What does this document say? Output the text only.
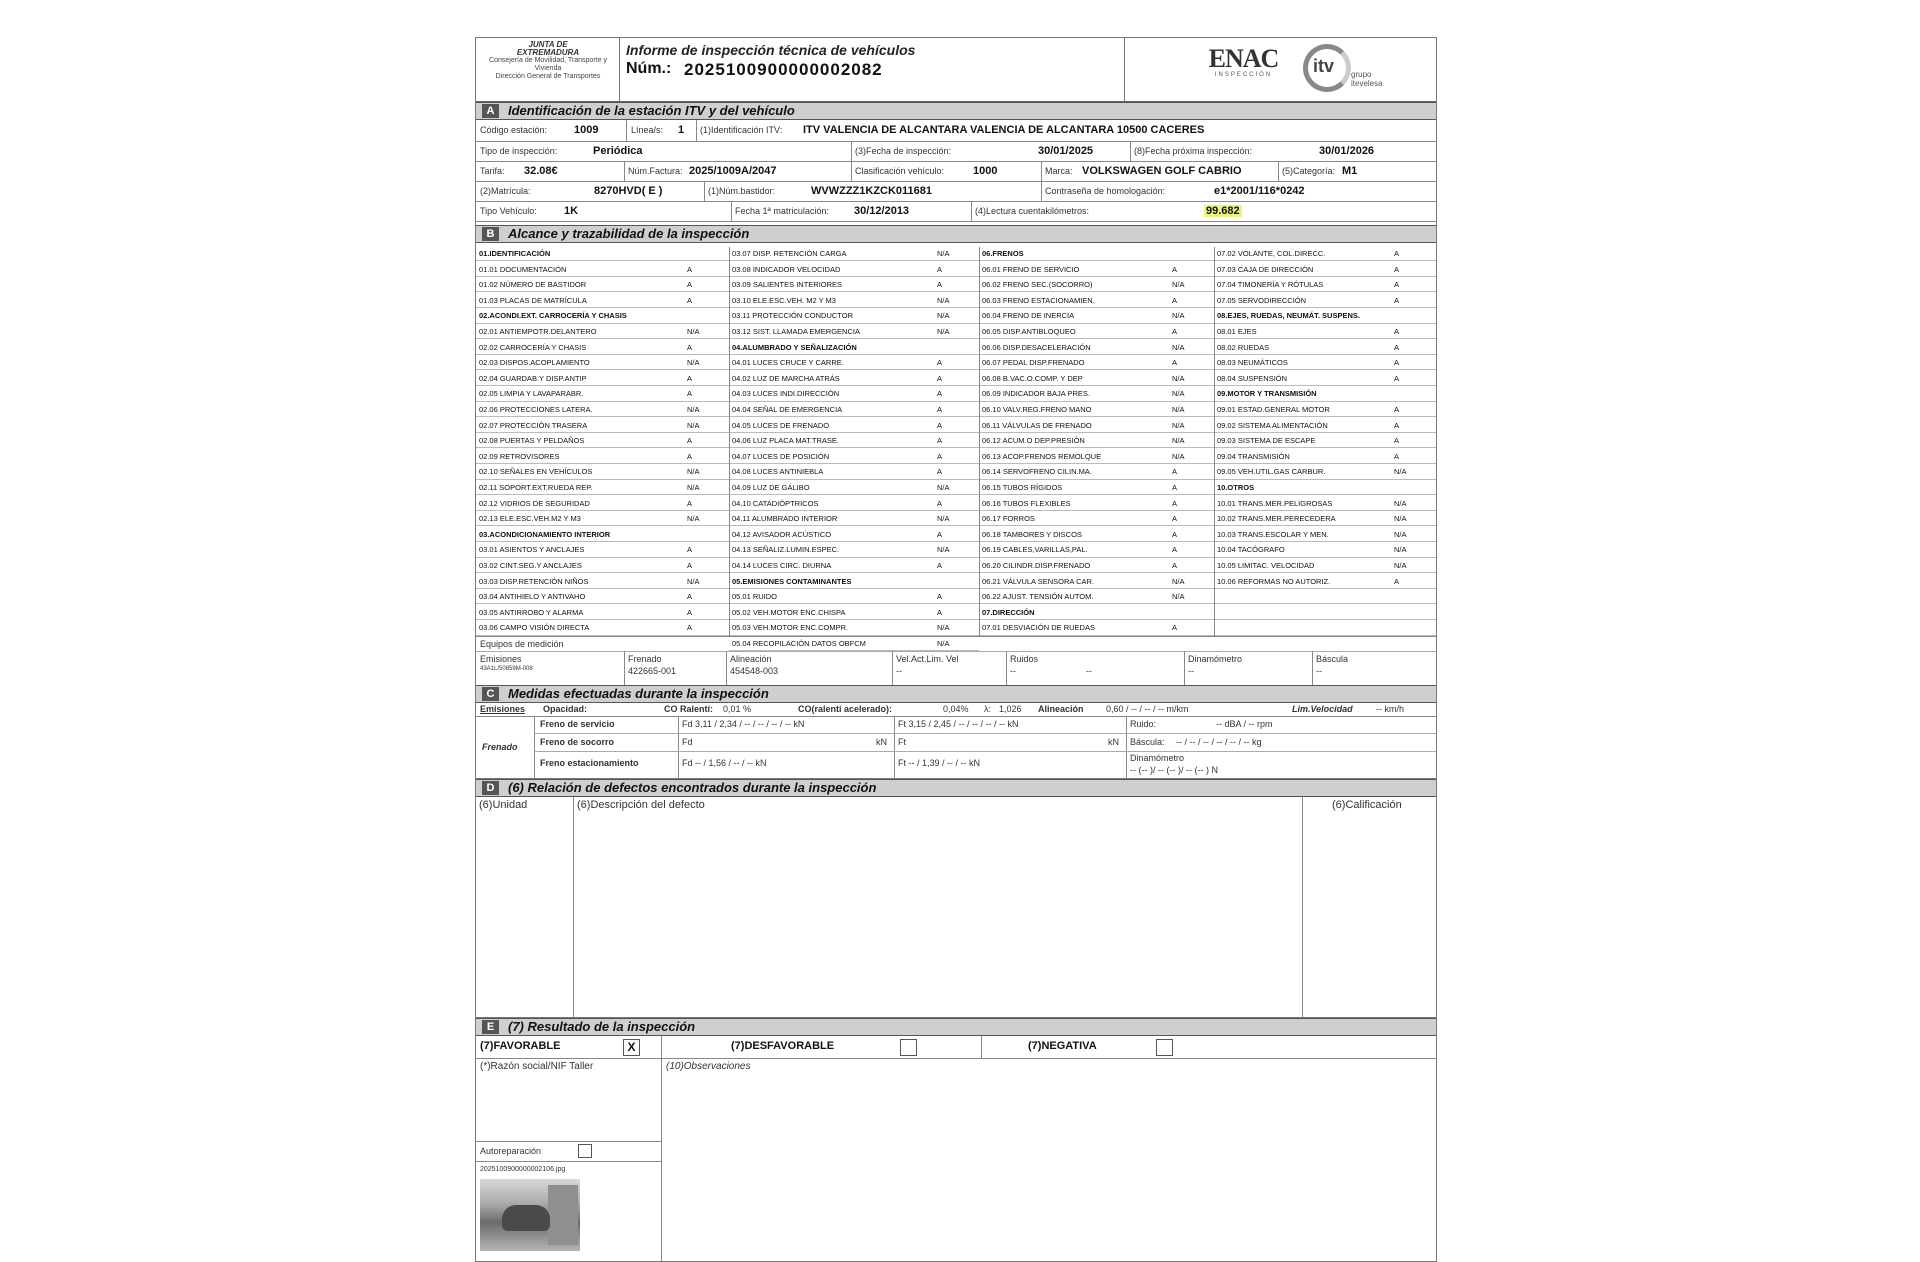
JUNTA DE
EXTREMADURA
Consejería de Movilidad, Transporte y Vivienda
Dirección General de Transportes
Informe de inspección técnica de vehículos
Núm.: 2025100900000002082	ENAC
INSPECCIÓN	itv grupo itevelesa
A	Identificación de la estación ITV y del vehículo
Código estación: 1009	Línea/s: 1 (1)Identificación ITV: ITV VALENCIA DE ALCANTARA VALENCIA DE ALCANTARA 10500 CACERES
Tipo de inspección:	Periódica	(3)Fecha de inspección:	30/01/2025	(8)Fecha próxima inspección:	30/01/2026
Tarifa: 32.08€	Núm.Factura: 2025/1009A/2047	Clasificación vehículo:	1000	Marca: VOLKSWAGEN GOLF CABRIO	(5)Categoría: M1
(2)Matrícula:	8270HVD( E )	(1)Núm.bastidor:	WVWZZZ1KZCK011681	Contraseña de homologación:	e1*2001/116*0242
Tipo Vehículo: 1K	Fecha 1ª matriculación: 30/12/2013	(4)Lectura cuentakilómetros:	99.682
B	Alcance y trazabilidad de la inspección
01.IDENTIFICACIÓN
01.01 DOCUMENTACIÓN	A
01.02 NÚMERO DE BASTIDOR	A
01.03 PLACAS DE MATRÍCULA	A
02.ACONDI.EXT. CARROCERÍA Y CHASIS
02.01 ANTIEMPOTR.DELANTERO	N/A
02.02 CARROCERÍA Y CHASIS	A
02.03 DISPOS.ACOPLAMIENTO	N/A
02.04 GUARDAB.Y DISP.ANTIP	A
02.05 LIMPIA Y LAVAPARABR.	A
02.06 PROTECCIONES LATERA.	N/A
02.07 PROTECCIÓN TRASERA	N/A
02.08 PUERTAS Y PELDAÑOS	A
02.09 RETROVISORES	A
02.10 SEÑALES EN VEHÍCULOS	N/A
02.11 SOPORT.EXT.RUEDA REP.	N/A
02.12 VIDRIOS DE SEGURIDAD	A
02.13 ELE.ESC.VEH.M2 Y M3	N/A
03.ACONDICIONAMIENTO INTERIOR
03.01 ASIENTOS Y ANCLAJES	A
03.02 CINT.SEG.Y ANCLAJES	A
03.03 DISP.RETENCIÓN NIÑOS	N/A
03.04 ANTIHIELO Y ANTIVAHO	A
03.05 ANTIRROBO Y ALARMA	A
03.06 CAMPO VISIÓN DIRECTA	A
03.07 DISP. RETENCIÓN CARGA	N/A
03.08 INDICADOR VELOCIDAD	A
03.09 SALIENTES INTERIORES	A
03.10 ELE.ESC.VEH. M2 Y M3	N/A
03.11 PROTECCIÓN CONDUCTOR	N/A
03.12 SIST. LLAMADA EMERGENCIA	N/A
04.ALUMBRADO Y SEÑALIZACIÓN
04.01 LUCES CRUCE Y CARRE.	A
04.02 LUZ DE MARCHA ATRÁS	A
04.03 LUCES INDI.DIRECCIÓN	A
04.04 SEÑAL DE EMERGENCIA	A
04.05 LUCES DE FRENADO	A
04.06 LUZ PLACA MAT.TRASE.	A
04.07 LUCES DE POSICIÓN	A
04.08 LUCES ANTINIEBLA	A
04.09 LUZ DE GÁLIBO	N/A
04.10 CATADIÓPTRICOS	A
04.11 ALUMBRADO INTERIOR	N/A
04.12 AVISADOR ACÚSTICO	A
04.13 SEÑALIZ.LUMIN.ESPEC.	N/A
04.14 LUCES CIRC. DIURNA	A
05.EMISIONES CONTAMINANTES
05.01 RUIDO	A
05.02 VEH.MOTOR ENC.CHISPA	A
05.03 VEH.MOTOR ENC.COMPR.	N/A
05.04 RECOPILACIÓN DATOS OBFCM	N/A
06.FRENOS
06.01 FRENO DE SERVICIO	A
06.02 FRENO SEC.(SOCORRO)	N/A
06.03 FRENO ESTACIONAMIEN.	A
06.04 FRENO DE INERCIA	N/A
06.05 DISP.ANTIBLOQUEO	A
06.06 DISP.DESACELERACIÓN	N/A
06.07 PEDAL DISP.FRENADO	A
06.08 B.VAC.O.COMP. Y DEP	N/A
06.09 INDICADOR BAJA PRES.	N/A
06.10 VALV.REG.FRENO MANO	N/A
06.11 VÁLVULAS DE FRENADO	N/A
06.12 ACUM.O DEP.PRESIÓN	N/A
06.13 ACOP.FRENOS REMOLQUE	N/A
06.14 SERVOFRENO CILIN.MA.	A
06.15 TUBOS RÍGIDOS	A
06.16 TUBOS FLEXIBLES	A
06.17 FORROS	A
06.18 TAMBORES Y DISCOS	A
06.19 CABLES,VARILLAS,PAL.	A
06.20 CILINDR.DISP.FRENADO	A
06.21 VÁLVULA SENSORA CAR.	N/A
06.22 AJUST. TENSIÓN AUTOM.	N/A
07.DIRECCIÓN
07.01 DESVIACIÓN DE RUEDAS	A
07.02 VOLANTE, COL.DIRECC.	A
07.03 CAJA DE DIRECCIÓN	A
07.04 TIMONERÍA Y RÓTULAS	A
07.05 SERVODIRECCIÓN	A
08.EJES, RUEDAS, NEUMÁT. SUSPENS.
08.01 EJES	A
08.02 RUEDAS	A
08.03 NEUMÁTICOS	A
08.04 SUSPENSIÓN	A
09.MOTOR Y TRANSMISIÓN
09.01 ESTAD.GENERAL MOTOR	A
09.02 SISTEMA ALIMENTACIÓN	A
09.03 SISTEMA DE ESCAPE	A
09.04 TRANSMISIÓN	A
09.05 VEH.UTIL.GAS CARBUR.	N/A
10.OTROS
10.01 TRANS.MER.PELIGROSAS	N/A
10.02 TRANS.MER.PERECEDERA	N/A
10.03 TRANS.ESCOLAR Y MEN.	N/A
10.04 TACÓGRAFO	N/A
10.05 LIMITAC. VELOCIDAD	N/A
10.06 REFORMAS NO AUTORIZ.	A
Equipos de medición
Emisiones
43A1L/50859M-008
Frenado
422665-001
Alineación
454548-003
Vel.Act.Lim. Vel
--
Ruidos
--	--
Dinamómetro
--
Báscula
--
C	Medidas efectuadas durante la inspección
Emisiones Opacidad:	CO Ralentí: 0,01 %	CO(ralentí acelerado):	0,04% λ: 1,026 Alineación 0,60 / -- / -- / -- m/km	Lim.Velocidad	-- km/h
Frenado
Freno de servicio	Fd 3,11 / 2,34 / -- / -- / -- / -- kN	Ft 3,15 / 2,45 / -- / -- / -- / -- kN	Ruido:	-- dBA / -- rpm
Freno de socorro	Fd	kN Ft	kN Báscula: -- / -- / -- / -- / -- / -- kg
Freno estacionamiento	Fd -- / 1,56 / -- / -- kN	Ft -- / 1,39 / -- / -- kN	Dinamómetro
-- (-- )/ -- (-- )/ -- (-- ) N
D	(6) Relación de defectos encontrados durante la inspección
(6)Unidad	(6)Descripción del defecto	(6)Calificación
E	(7) Resultado de la inspección
(7)FAVORABLE	X	(7)DESFAVORABLE	(7)NEGATIVA
(*)Razón social/NIF Taller	(10)Observaciones
Autoreparación
2025100900000002106.jpg
